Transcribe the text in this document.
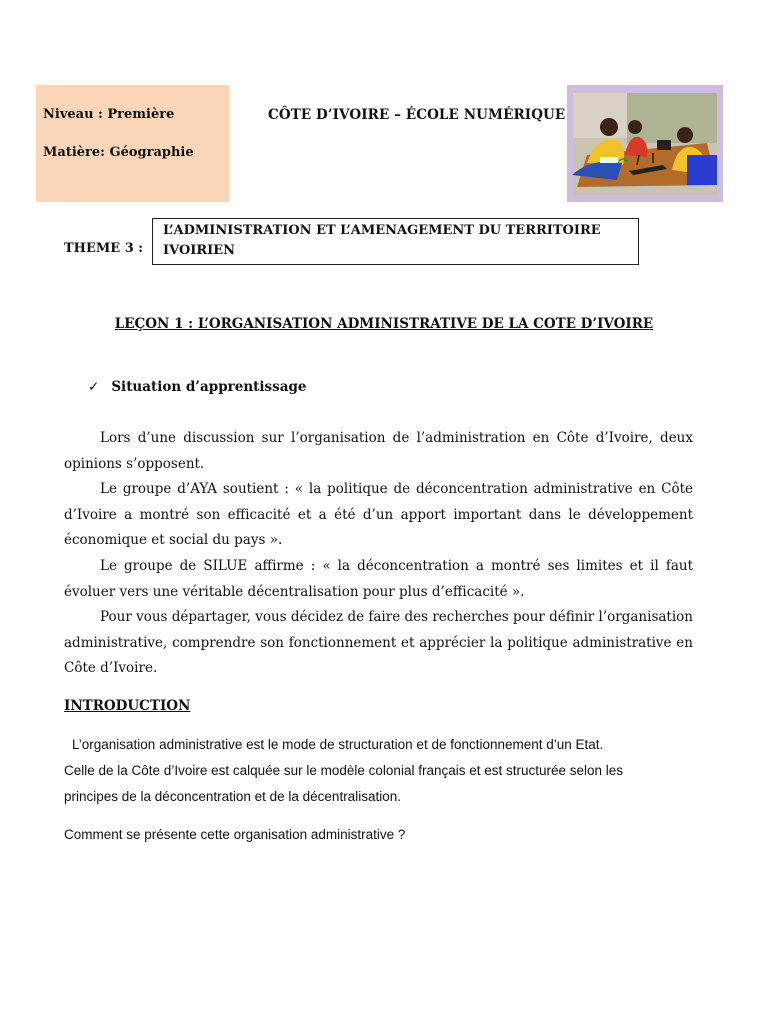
Niveau : Première
Matière: Géographie
CÔTE D’IVOIRE – ÉCOLE NUMÉRIQUE
THEME 3 :
L’ADMINISTRATION ET L’AMENAGEMENT DU TERRITOIRE
IVOIRIEN
LEÇON 1 : L’ORGANISATION ADMINISTRATIVE DE LA COTE D’IVOIRE
✓ Situation d’apprentissage
Lors d’une discussion sur l’organisation de l’administration en Côte d’Ivoire, deux opinions s’opposent.
Le groupe d’AYA soutient : « la politique de déconcentration administrative en Côte d’Ivoire a montré son efficacité et a été d’un apport important dans le développement économique et social du pays ».
Le groupe de SILUE affirme : « la déconcentration a montré ses limites et il faut évoluer vers une véritable décentralisation pour plus d’efficacité ».
Pour vous départager, vous décidez de faire des recherches pour définir l’organisation administrative, comprendre son fonctionnement et apprécier la politique administrative en Côte d’Ivoire.
INTRODUCTION
L’organisation administrative est le mode de structuration et de fonctionnement d’un Etat.
Celle de la Côte d’Ivoire est calquée sur le modèle colonial français et est structurée selon les
principes de la déconcentration et de la décentralisation.
Comment se présente cette organisation administrative ?
